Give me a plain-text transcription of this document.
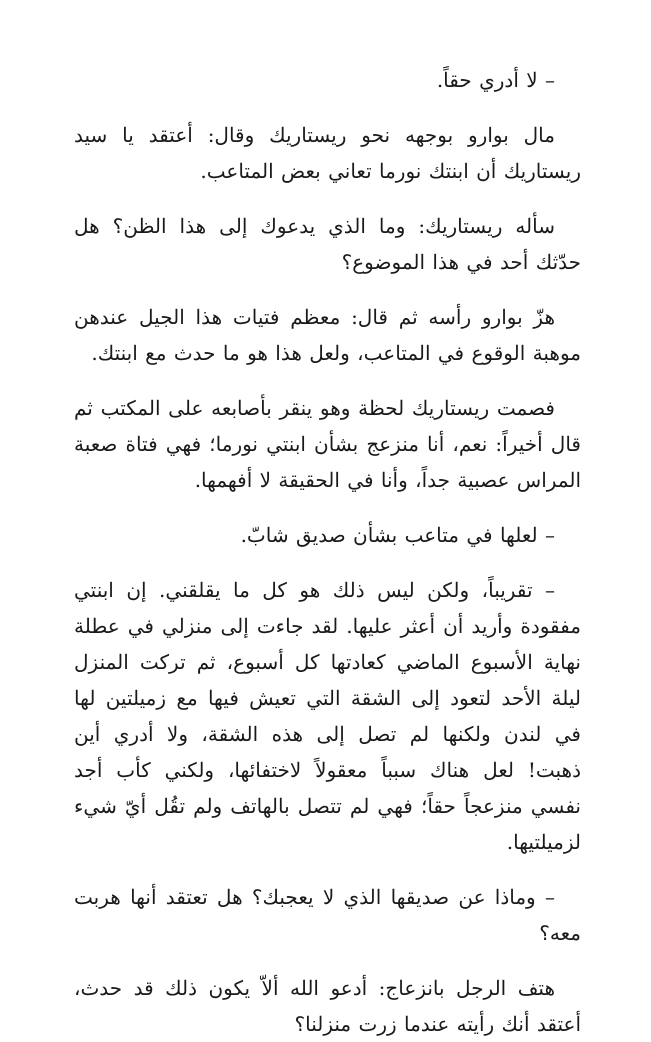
– لا أدري حقاً.

مال بوارو بوجهه نحو ريستاريك وقال: أعتقد يا سيد ريستاريك أن ابنتك نورما تعاني بعض المتاعب.

سأله ريستاريك: وما الذي يدعوك إلى هذا الظن؟ هل حدّثك أحد في هذا الموضوع؟

هزّ بوارو رأسه ثم قال: معظم فتيات هذا الجيل عندهن موهبة الوقوع في المتاعب، ولعل هذا هو ما حدث مع ابنتك.

فصمت ريستاريك لحظة وهو ينقر بأصابعه على المكتب ثم قال أخيراً: نعم، أنا منزعج بشأن ابنتي نورما؛ فهي فتاة صعبة المراس عصبية جداً، وأنا في الحقيقة لا أفهمها.

– لعلها في متاعب بشأن صديق شابّ.

– تقريباً، ولكن ليس ذلك هو كل ما يقلقني. إن ابنتي مفقودة وأريد أن أعثر عليها. لقد جاءت إلى منزلي في عطلة نهاية الأسبوع الماضي كعادتها كل أسبوع، ثم تركت المنزل ليلة الأحد لتعود إلى الشقة التي تعيش فيها مع زميلتين لها في لندن ولكنها لم تصل إلى هذه الشقة، ولا أدري أين ذهبت! لعل هناك سبباً معقولاً لاختفائها، ولكني كأب أجد نفسي منزعجاً حقاً؛ فهي لم تتصل بالهاتف ولم تقُل أيّ شيء لزميلتيها.

– وماذا عن صديقها الذي لا يعجبك؟ هل تعتقد أنها هربت معه؟

هتف الرجل بانزعاج: أدعو الله ألاّ يكون ذلك قد حدث، أعتقد أنك رأيته عندما زرت منزلنا؟
